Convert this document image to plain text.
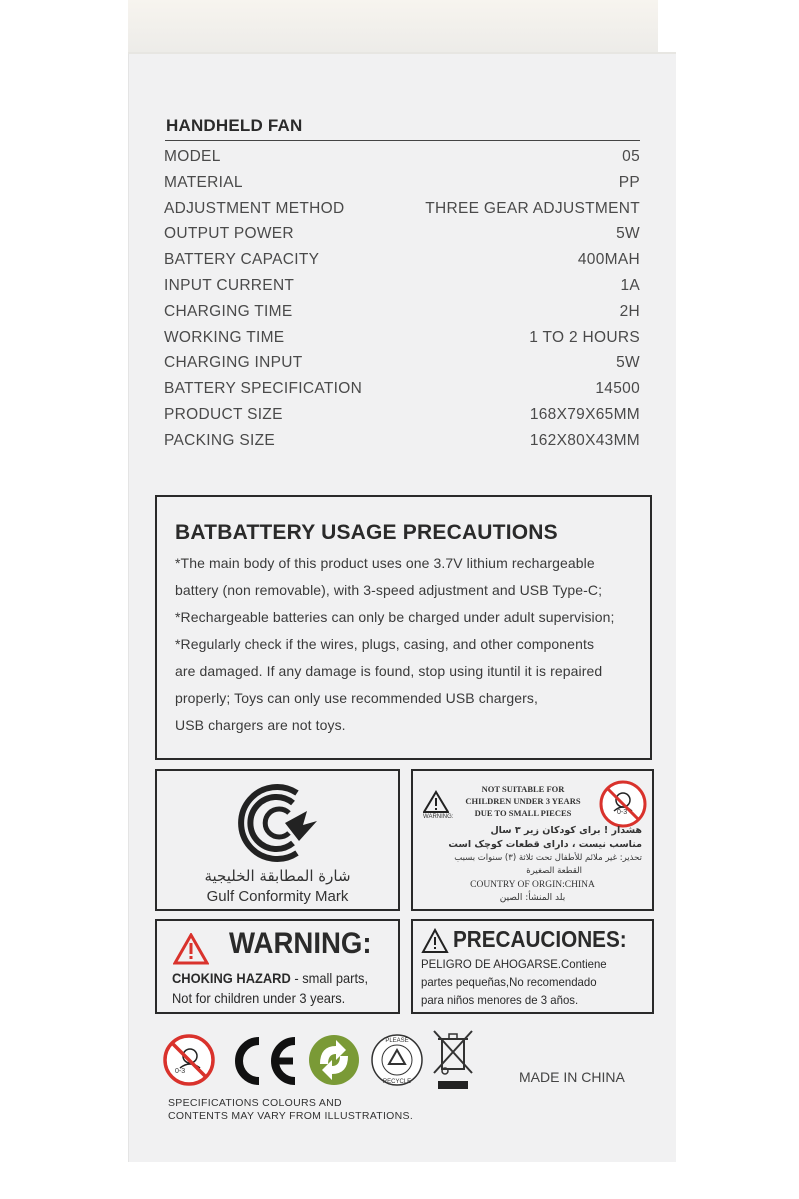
HANDHELD FAN
MODEL	05
MATERIAL	PP
ADJUSTMENT METHOD	THREE GEAR ADJUSTMENT
OUTPUT POWER	5W
BATTERY CAPACITY	400MAH
INPUT CURRENT	1A
CHARGING TIME	2H
WORKING TIME	1 TO 2 HOURS
CHARGING INPUT	5W
BATTERY SPECIFICATION	14500
PRODUCT SIZE	168X79X65MM
PACKING SIZE	162X80X43MM
BATBATTERY USAGE PRECAUTIONS
*The main body of this product uses one 3.7V lithium rechargeable
battery (non removable), with 3-speed adjustment and USB Type-C;
*Rechargeable batteries can only be charged under adult supervision;
*Regularly check if the wires, plugs, casing, and other components
are damaged. If any damage is found, stop using ituntil it is repaired
properly; Toys can only use recommended USB chargers,
USB chargers are not toys.
شارة المطابقة الخليجية
Gulf Conformity Mark
WARNING:
NOT SUITABLE FOR
CHILDREN UNDER 3 YEARS
DUE TO SMALL PIECES	0-3
هشدار ! برای کودکان زیر ۳ سال
مناسب نیست ، دارای قطعات کوچک است
تحذير: غير ملائم للأطفال تحت ثلاثة (٣) سنوات بسبب
القطعة الصغيرة
COUNTRY OF ORGIN:CHINA
بلد المنشأ: الصين
WARNING:
CHOKING HAZARD - small parts,
Not for children under 3 years.
PRECAUCIONES:
PELIGRO DE AHOGARSE.Contiene
partes pequeñas,No recomendado
para niños menores de 3 años.
0-3
PLEASE
RECYCLE	MADE IN CHINA
SPECIFICATIONS COLOURS AND
CONTENTS MAY VARY FROM ILLUSTRATIONS.
